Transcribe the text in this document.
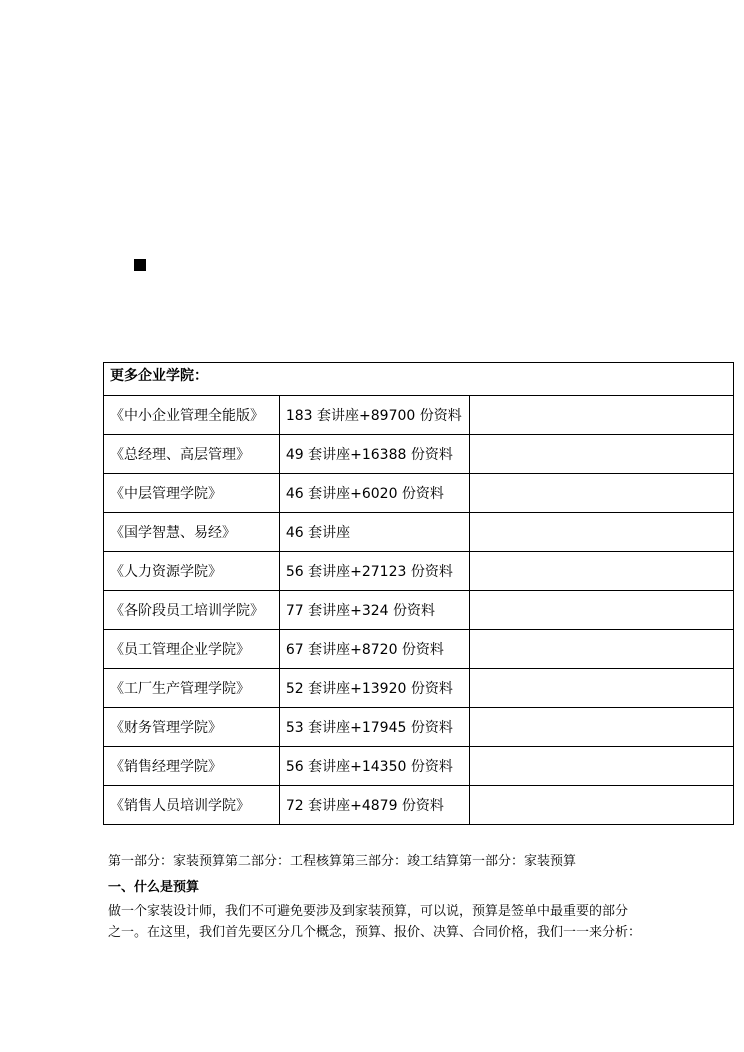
更多企业学院：		
《中小企业管理全能版》	183 套讲座+89700 份资料	
《总经理、高层管理》	49 套讲座+16388 份资料	
《中层管理学院》	46 套讲座+6020 份资料	
《国学智慧、易经》	46 套讲座	
《人力资源学院》	56 套讲座+27123 份资料	
《各阶段员工培训学院》	77 套讲座+324 份资料	
《员工管理企业学院》	67 套讲座+8720 份资料	
《工厂生产管理学院》	52 套讲座+13920 份资料	
《财务管理学院》	53 套讲座+17945 份资料	
《销售经理学院》	56 套讲座+14350 份资料	
《销售人员培训学院》	72 套讲座+4879 份资料	
第一部分：家装预算第二部分：工程核算第三部分：竣工结算第一部分：家装预算
一、什么是预算
做一个家装设计师，我们不可避免要涉及到家装预算，可以说，预算是签单中最重要的部分
之一。在这里，我们首先要区分几个概念，预算、报价、决算、合同价格，我们一一来分析：
